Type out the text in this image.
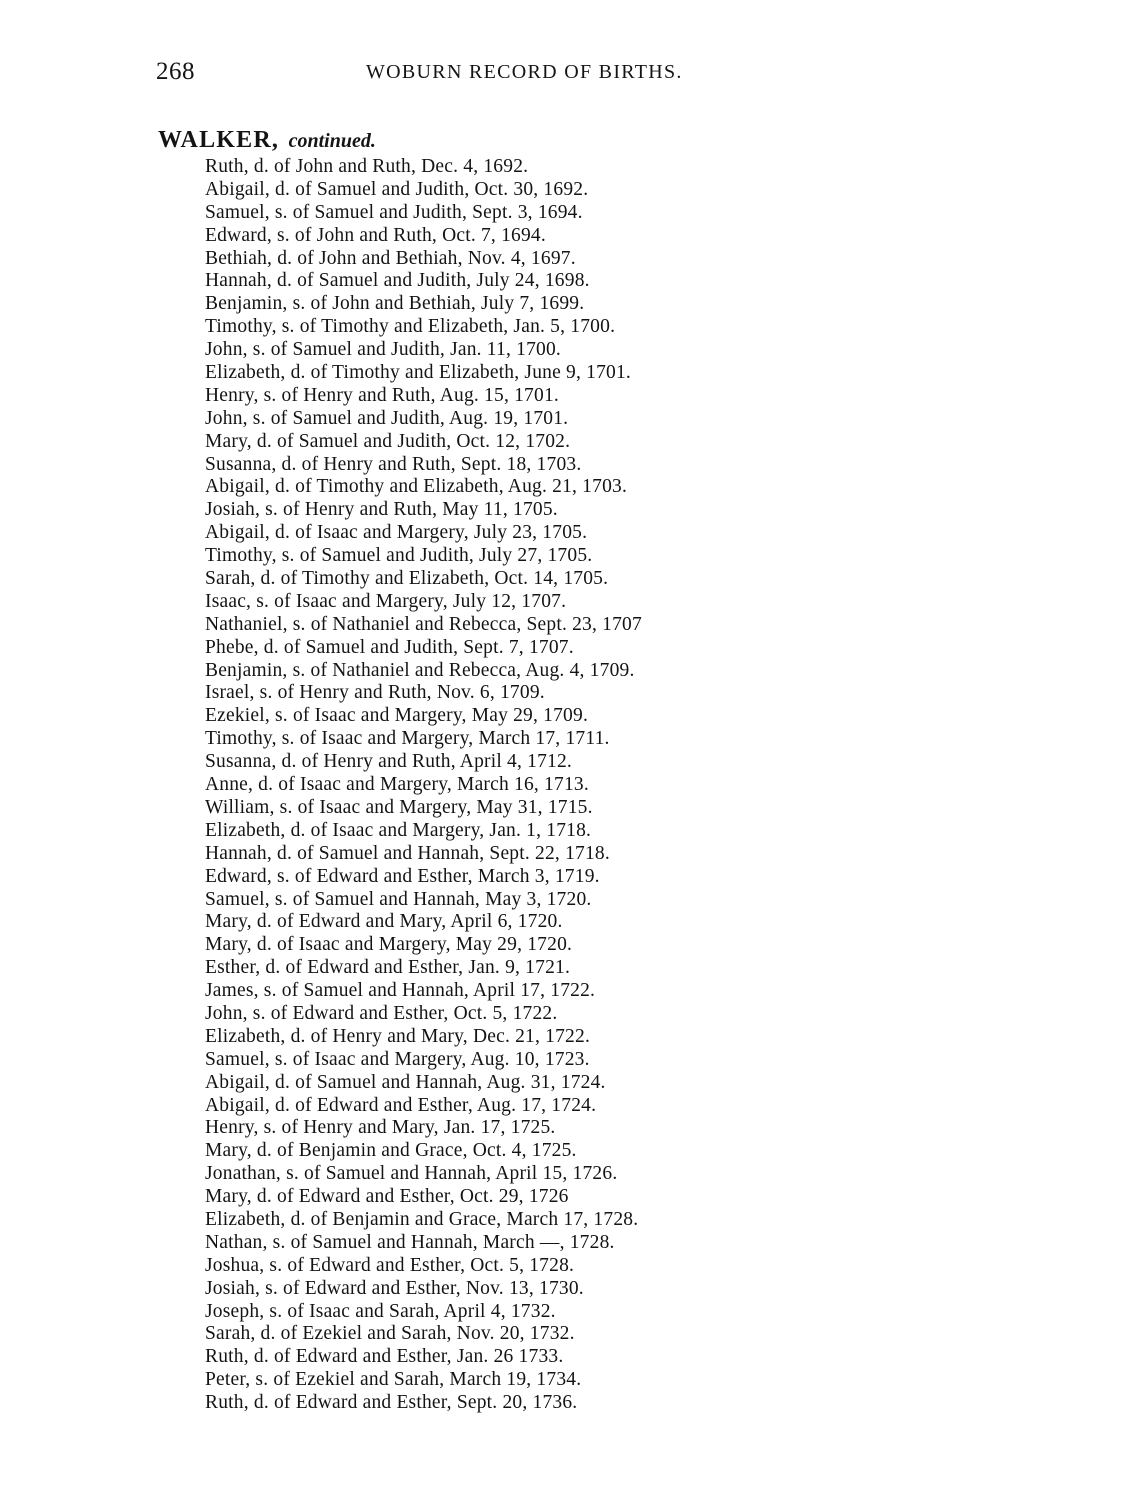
268	WOBURN RECORD OF BIRTHS.
WALKER, continued.
Ruth, d. of John and Ruth, Dec. 4, 1692.
Abigail, d. of Samuel and Judith, Oct. 30, 1692.
Samuel, s. of Samuel and Judith, Sept. 3, 1694.
Edward, s. of John and Ruth, Oct. 7, 1694.
Bethiah, d. of John and Bethiah, Nov. 4, 1697.
Hannah, d. of Samuel and Judith, July 24, 1698.
Benjamin, s. of John and Bethiah, July 7, 1699.
Timothy, s. of Timothy and Elizabeth, Jan. 5, 1700.
John, s. of Samuel and Judith, Jan. 11, 1700.
Elizabeth, d. of Timothy and Elizabeth, June 9, 1701.
Henry, s. of Henry and Ruth, Aug. 15, 1701.
John, s. of Samuel and Judith, Aug. 19, 1701.
Mary, d. of Samuel and Judith, Oct. 12, 1702.
Susanna, d. of Henry and Ruth, Sept. 18, 1703.
Abigail, d. of Timothy and Elizabeth, Aug. 21, 1703.
Josiah, s. of Henry and Ruth, May 11, 1705.
Abigail, d. of Isaac and Margery, July 23, 1705.
Timothy, s. of Samuel and Judith, July 27, 1705.
Sarah, d. of Timothy and Elizabeth, Oct. 14, 1705.
Isaac, s. of Isaac and Margery, July 12, 1707.
Nathaniel, s. of Nathaniel and Rebecca, Sept. 23, 1707
Phebe, d. of Samuel and Judith, Sept. 7, 1707.
Benjamin, s. of Nathaniel and Rebecca, Aug. 4, 1709.
Israel, s. of Henry and Ruth, Nov. 6, 1709.
Ezekiel, s. of Isaac and Margery, May 29, 1709.
Timothy, s. of Isaac and Margery, March 17, 1711.
Susanna, d. of Henry and Ruth, April 4, 1712.
Anne, d. of Isaac and Margery, March 16, 1713.
William, s. of Isaac and Margery, May 31, 1715.
Elizabeth, d. of Isaac and Margery, Jan. 1, 1718.
Hannah, d. of Samuel and Hannah, Sept. 22, 1718.
Edward, s. of Edward and Esther, March 3, 1719.
Samuel, s. of Samuel and Hannah, May 3, 1720.
Mary, d. of Edward and Mary, April 6, 1720.
Mary, d. of Isaac and Margery, May 29, 1720.
Esther, d. of Edward and Esther, Jan. 9, 1721.
James, s. of Samuel and Hannah, April 17, 1722.
John, s. of Edward and Esther, Oct. 5, 1722.
Elizabeth, d. of Henry and Mary, Dec. 21, 1722.
Samuel, s. of Isaac and Margery, Aug. 10, 1723.
Abigail, d. of Samuel and Hannah, Aug. 31, 1724.
Abigail, d. of Edward and Esther, Aug. 17, 1724.
Henry, s. of Henry and Mary, Jan. 17, 1725.
Mary, d. of Benjamin and Grace, Oct. 4, 1725.
Jonathan, s. of Samuel and Hannah, April 15, 1726.
Mary, d. of Edward and Esther, Oct. 29, 1726
Elizabeth, d. of Benjamin and Grace, March 17, 1728.
Nathan, s. of Samuel and Hannah, March —, 1728.
Joshua, s. of Edward and Esther, Oct. 5, 1728.
Josiah, s. of Edward and Esther, Nov. 13, 1730.
Joseph, s. of Isaac and Sarah, April 4, 1732.
Sarah, d. of Ezekiel and Sarah, Nov. 20, 1732.
Ruth, d. of Edward and Esther, Jan. 26 1733.
Peter, s. of Ezekiel and Sarah, March 19, 1734.
Ruth, d. of Edward and Esther, Sept. 20, 1736.
